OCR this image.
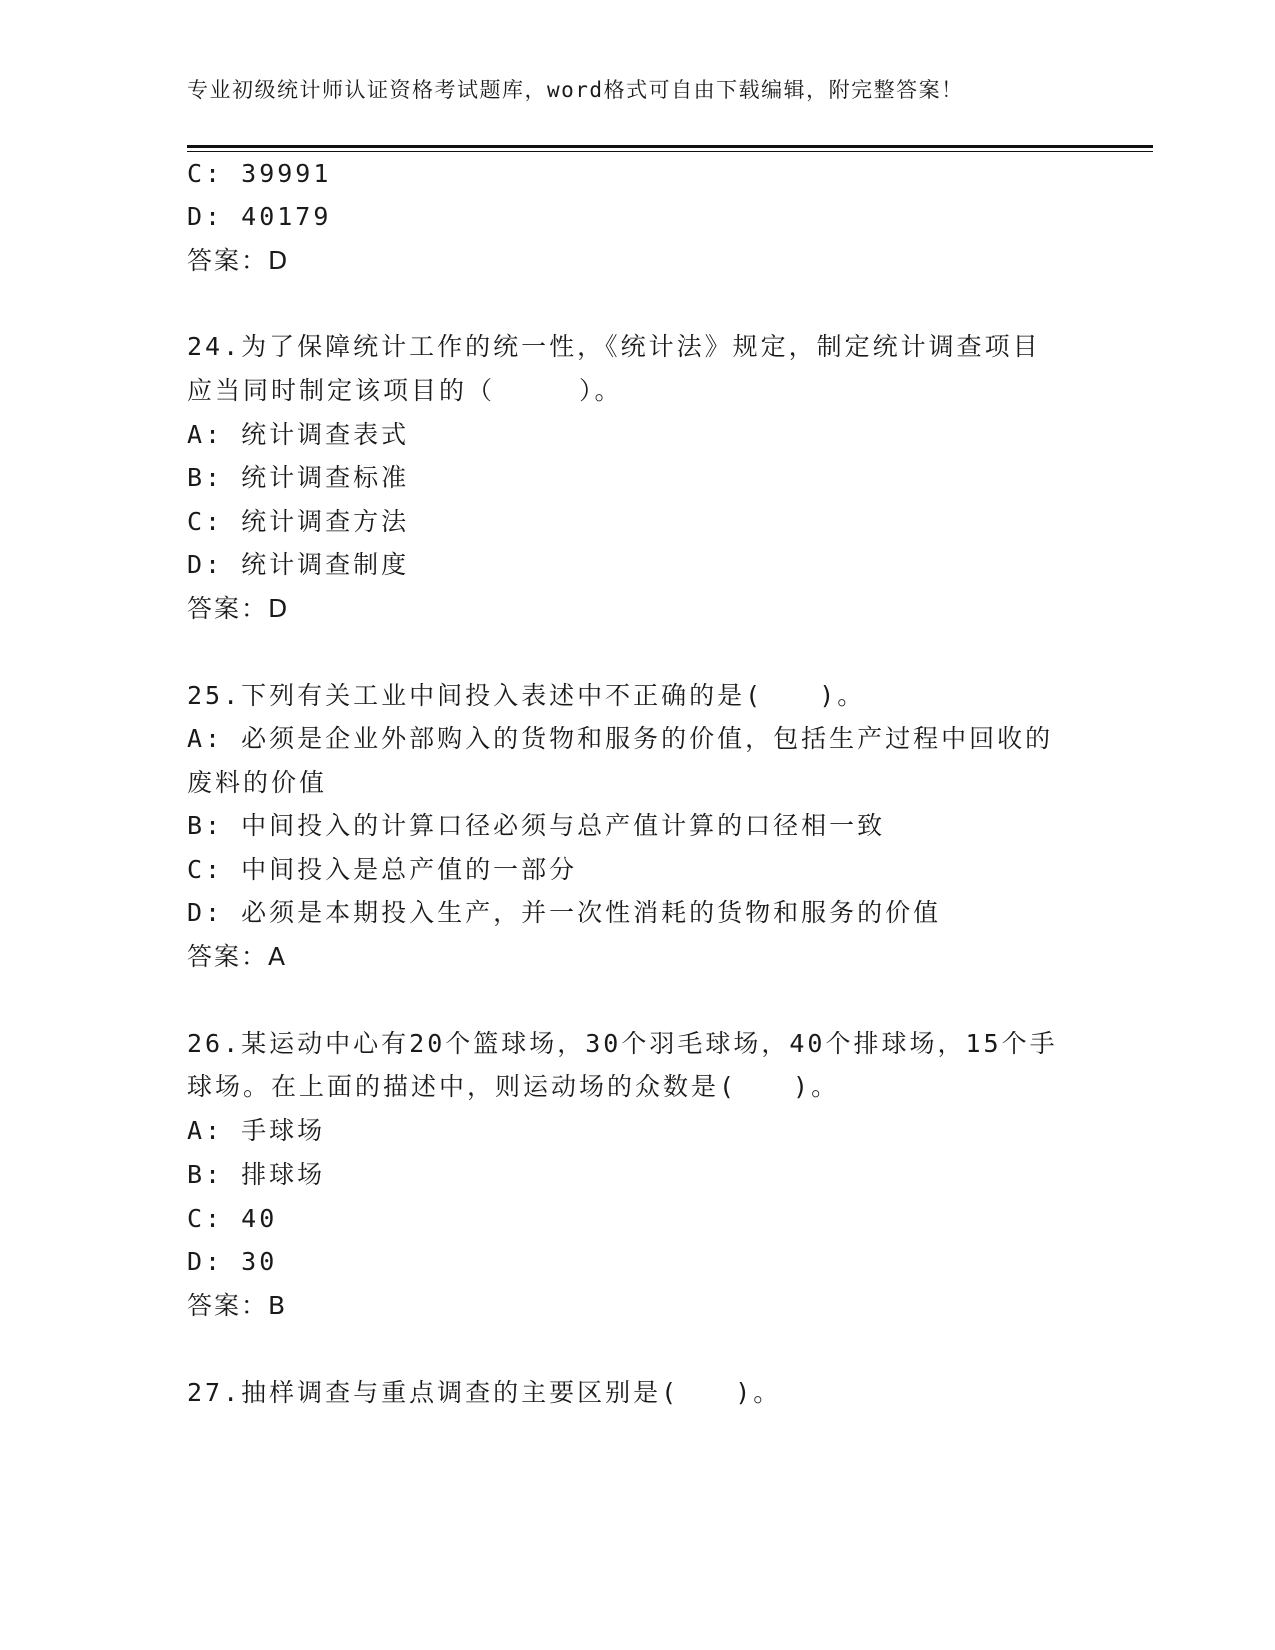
专业初级统计师认证资格考试题库，word格式可自由下载编辑，附完整答案！
C: 39991
D: 40179
答案：D
24.为了保障统计工作的统一性，《统计法》规定，制定统计调查项目
应当同时制定该项目的（　　　）。
A: 统计调查表式
B: 统计调查标准
C: 统计调查方法
D: 统计调查制度
答案：D
25.下列有关工业中间投入表述中不正确的是(　　)。
A: 必须是企业外部购入的货物和服务的价值，包括生产过程中回收的
废料的价值
B: 中间投入的计算口径必须与总产值计算的口径相一致
C: 中间投入是总产值的一部分
D: 必须是本期投入生产，并一次性消耗的货物和服务的价值
答案：A
26.某运动中心有20个篮球场，30个羽毛球场，40个排球场，15个手
球场。在上面的描述中，则运动场的众数是(　　)。
A: 手球场
B: 排球场
C: 40
D: 30
答案：B
27.抽样调查与重点调查的主要区别是(　　)。
